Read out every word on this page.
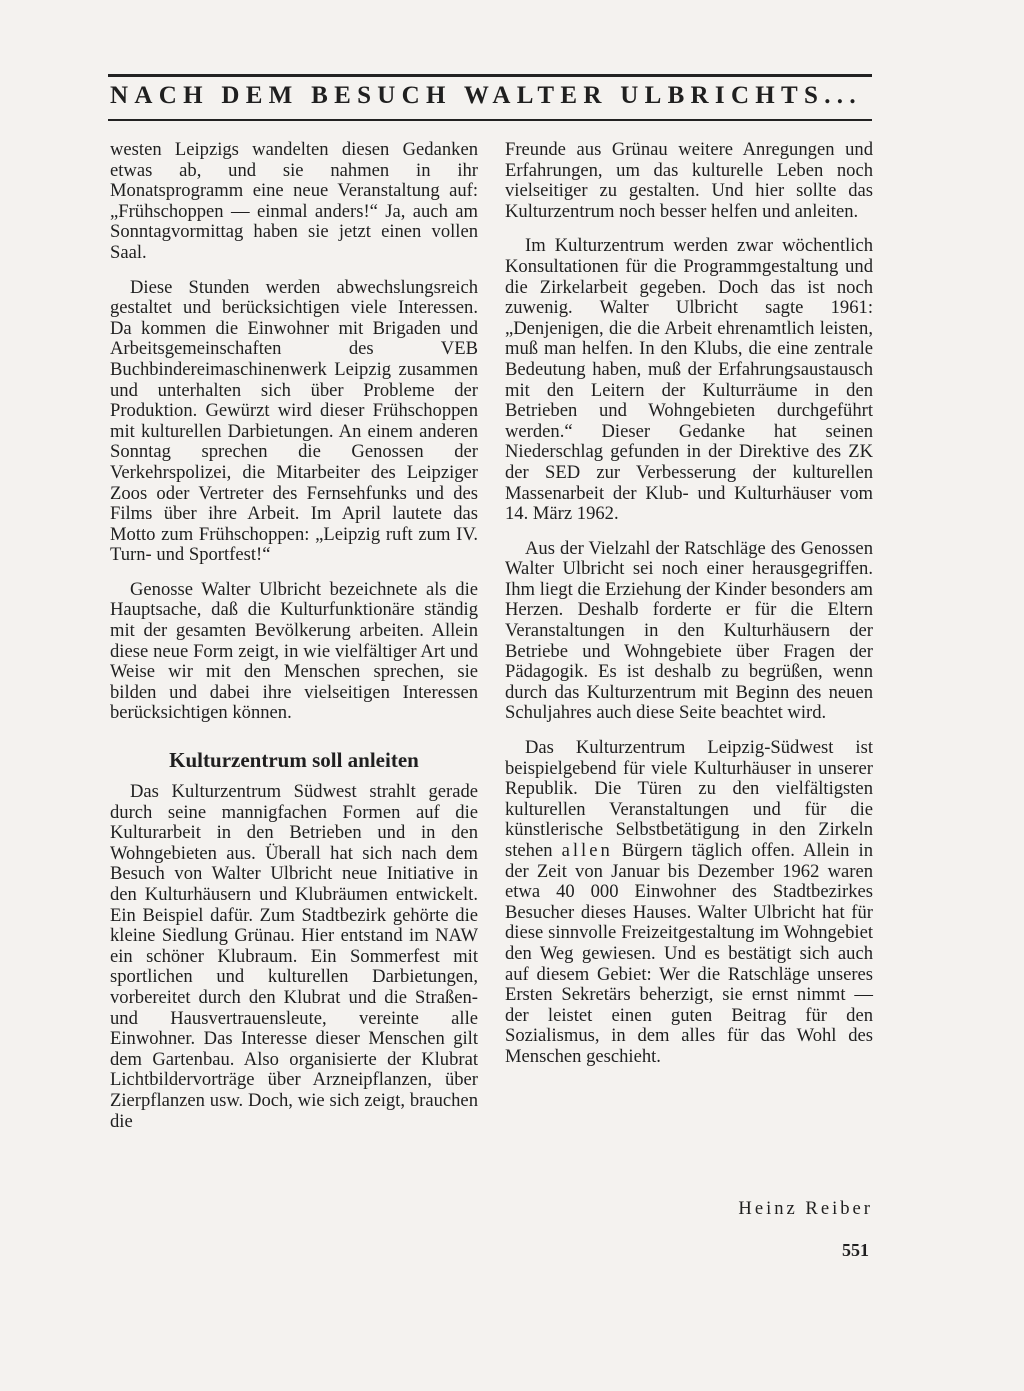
NACH DEM BESUCH WALTER ULBRICHTS...

westen Leipzigs wandelten diesen Gedanken etwas ab, und sie nahmen in ihr Monatsprogramm eine neue Veranstaltung auf: „Frühschoppen — einmal anders!“ Ja, auch am Sonntagvormittag haben sie jetzt einen vollen Saal.

Diese Stunden werden abwechslungsreich gestaltet und berücksichtigen viele Interessen. Da kommen die Einwohner mit Brigaden und Arbeitsgemeinschaften des VEB Buchbindereimaschinenwerk Leipzig zusammen und unterhalten sich über Probleme der Produktion. Gewürzt wird dieser Frühschoppen mit kulturellen Darbietungen. An einem anderen Sonntag sprechen die Genossen der Verkehrspolizei, die Mitarbeiter des Leipziger Zoos oder Vertreter des Fernsehfunks und des Films über ihre Arbeit. Im April lautete das Motto zum Frühschoppen: „Leipzig ruft zum IV. Turn- und Sportfest!“

Genosse Walter Ulbricht bezeichnete als die Hauptsache, daß die Kulturfunktionäre ständig mit der gesamten Bevölkerung arbeiten. Allein diese neue Form zeigt, in wie vielfältiger Art und Weise wir mit den Menschen sprechen, sie bilden und dabei ihre vielseitigen Interessen berücksichtigen können.

Kulturzentrum soll anleiten

Das Kulturzentrum Südwest strahlt gerade durch seine mannigfachen Formen auf die Kulturarbeit in den Betrieben und in den Wohngebieten aus. Überall hat sich nach dem Besuch von Walter Ulbricht neue Initiative in den Kulturhäusern und Klubräumen entwickelt. Ein Beispiel dafür. Zum Stadtbezirk gehörte die kleine Siedlung Grünau. Hier entstand im NAW ein schöner Klubraum. Ein Sommerfest mit sportlichen und kulturellen Darbietungen, vorbereitet durch den Klubrat und die Straßen- und Hausvertrauensleute, vereinte alle Einwohner. Das Interesse dieser Menschen gilt dem Gartenbau. Also organisierte der Klubrat Lichtbildervorträge über Arzneipflanzen, über Zierpflanzen usw. Doch, wie sich zeigt, brauchen die

Freunde aus Grünau weitere Anregungen und Erfahrungen, um das kulturelle Leben noch vielseitiger zu gestalten. Und hier sollte das Kulturzentrum noch besser helfen und anleiten.

Im Kulturzentrum werden zwar wöchentlich Konsultationen für die Programmgestaltung und die Zirkelarbeit gegeben. Doch das ist noch zuwenig. Walter Ulbricht sagte 1961: „Denjenigen, die die Arbeit ehrenamtlich leisten, muß man helfen. In den Klubs, die eine zentrale Bedeutung haben, muß der Erfahrungsaustausch mit den Leitern der Kulturräume in den Betrieben und Wohngebieten durchgeführt werden.“ Dieser Gedanke hat seinen Niederschlag gefunden in der Direktive des ZK der SED zur Verbesserung der kulturellen Massenarbeit der Klub- und Kulturhäuser vom 14. März 1962.

Aus der Vielzahl der Ratschläge des Genossen Walter Ulbricht sei noch einer herausgegriffen. Ihm liegt die Erziehung der Kinder besonders am Herzen. Deshalb forderte er für die Eltern Veranstaltungen in den Kulturhäusern der Betriebe und Wohngebiete über Fragen der Pädagogik. Es ist deshalb zu begrüßen, wenn durch das Kulturzentrum mit Beginn des neuen Schuljahres auch diese Seite beachtet wird.

Das Kulturzentrum Leipzig-Südwest ist beispielgebend für viele Kulturhäuser in unserer Republik. Die Türen zu den vielfältigsten kulturellen Veranstaltungen und für die künstlerische Selbstbetätigung in den Zirkeln stehen allen Bürgern täglich offen. Allein in der Zeit von Januar bis Dezember 1962 waren etwa 40 000 Einwohner des Stadtbezirkes Besucher dieses Hauses. Walter Ulbricht hat für diese sinnvolle Freizeitgestaltung im Wohngebiet den Weg gewiesen. Und es bestätigt sich auch auf diesem Gebiet: Wer die Ratschläge unseres Ersten Sekretärs beherzigt, sie ernst nimmt — der leistet einen guten Beitrag für den Sozialismus, in dem alles für das Wohl des Menschen geschieht.

Heinz Reiber
551
